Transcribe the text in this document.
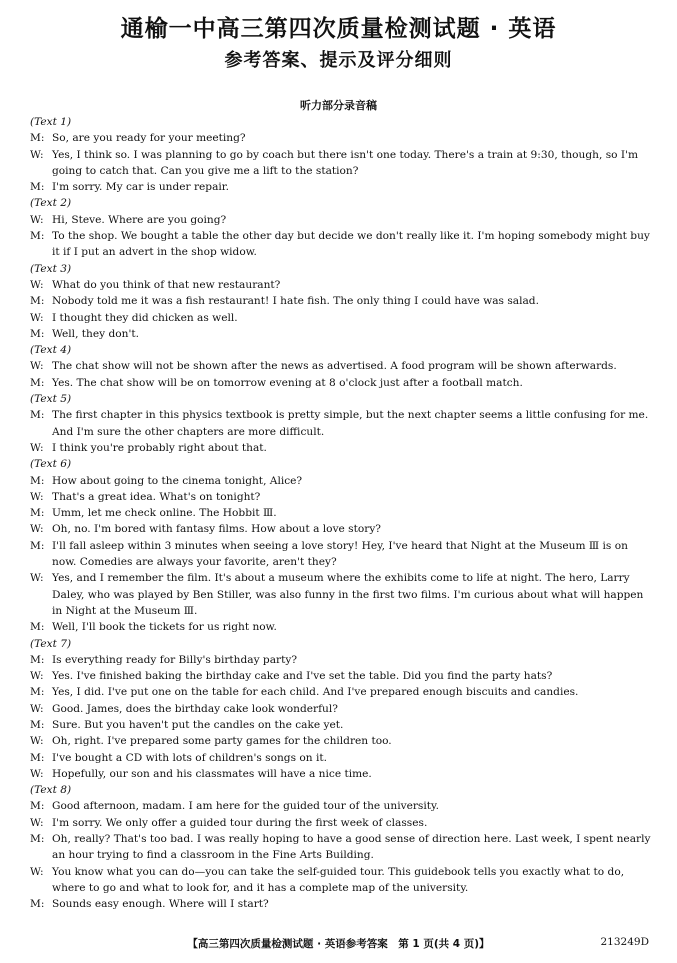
通榆一中高三第四次质量检测试题 · 英语
参考答案、提示及评分细则
听力部分录音稿
(Text 1)
M: So, are you ready for your meeting?
W: Yes, I think so. I was planning to go by coach but there isn't one today. There's a train at 9:30, though, so I'm going to catch that. Can you give me a lift to the station?
M: I'm sorry. My car is under repair.
(Text 2)
W: Hi, Steve. Where are you going?
M: To the shop. We bought a table the other day but decide we don't really like it. I'm hoping somebody might buy it if I put an advert in the shop widow.
(Text 3)
W: What do you think of that new restaurant?
M: Nobody told me it was a fish restaurant! I hate fish. The only thing I could have was salad.
W: I thought they did chicken as well.
M: Well, they don't.
(Text 4)
W: The chat show will not be shown after the news as advertised. A food program will be shown afterwards.
M: Yes. The chat show will be on tomorrow evening at 8 o'clock just after a football match.
(Text 5)
M: The first chapter in this physics textbook is pretty simple, but the next chapter seems a little confusing for me. And I'm sure the other chapters are more difficult.
W: I think you're probably right about that.
(Text 6)
M: How about going to the cinema tonight, Alice?
W: That's a great idea. What's on tonight?
M: Umm, let me check online. The Hobbit Ⅲ.
W: Oh, no. I'm bored with fantasy films. How about a love story?
M: I'll fall asleep within 3 minutes when seeing a love story! Hey, I've heard that Night at the Museum Ⅲ is on now. Comedies are always your favorite, aren't they?
W: Yes, and I remember the film. It's about a museum where the exhibits come to life at night. The hero, Larry Daley, who was played by Ben Stiller, was also funny in the first two films. I'm curious about what will happen in Night at the Museum Ⅲ.
M: Well, I'll book the tickets for us right now.
(Text 7)
M: Is everything ready for Billy's birthday party?
W: Yes. I've finished baking the birthday cake and I've set the table. Did you find the party hats?
M: Yes, I did. I've put one on the table for each child. And I've prepared enough biscuits and candies.
W: Good. James, does the birthday cake look wonderful?
M: Sure. But you haven't put the candles on the cake yet.
W: Oh, right. I've prepared some party games for the children too.
M: I've bought a CD with lots of children's songs on it.
W: Hopefully, our son and his classmates will have a nice time.
(Text 8)
M: Good afternoon, madam. I am here for the guided tour of the university.
W: I'm sorry. We only offer a guided tour during the first week of classes.
M: Oh, really? That's too bad. I was really hoping to have a good sense of direction here. Last week, I spent nearly an hour trying to find a classroom in the Fine Arts Building.
W: You know what you can do—you can take the self-guided tour. This guidebook tells you exactly what to do, where to go and what to look for, and it has a complete map of the university.
M: Sounds easy enough. Where will I start?
【高三第四次质量检测试题 · 英语参考答案　第 1 页(共 4 页)】	213249D
